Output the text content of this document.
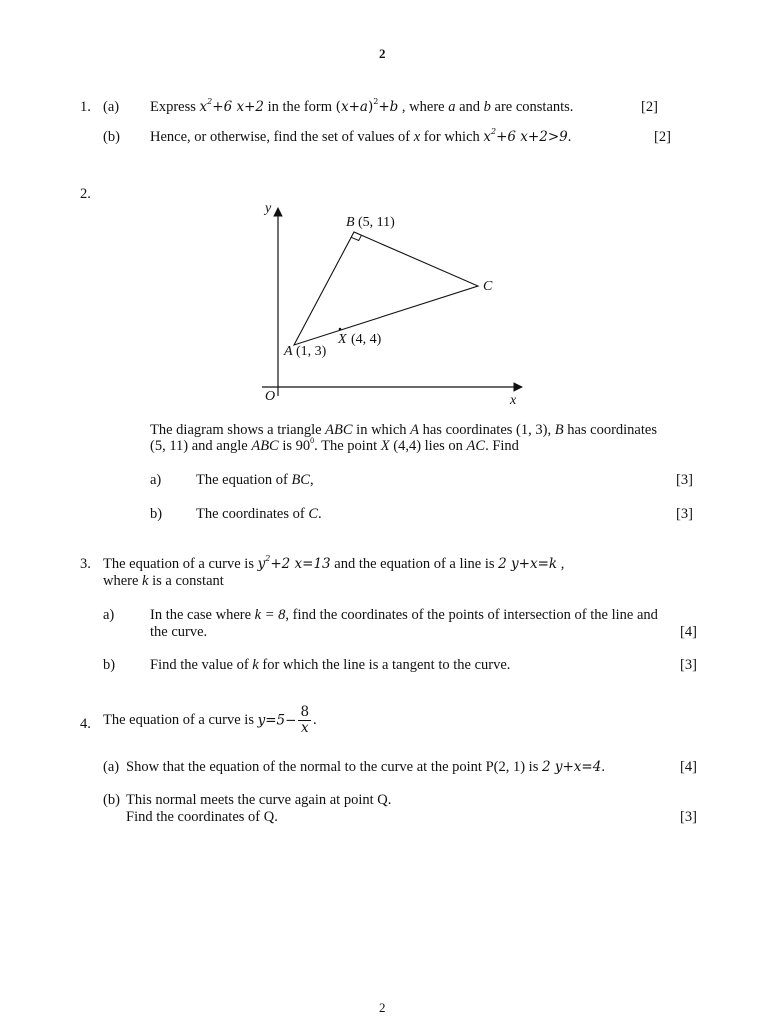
2
1. (a) Express $x^2+6$ x+2 in the form $(x+a)^2+b$ , where a and b are constants.	[2]
(b) Hence, or otherwise, find the set of values of x for which $x^2+6$ x+2>9.	[2]
2.
y
x
O
B (5, 11)
C
A (1, 3)
X (4, 4)
The diagram shows a triangle ABC in which A has coordinates (1, 3), B has coordinates
(5, 11) and angle ABC is $90^0$. The point X (4,4) lies on AC. Find
a) The equation of BC,	[3]
b) The coordinates of C.	[3]
3. The equation of a curve is $y^2+2$ x=13 and the equation of a line is 2 y+x=k ,
where k is a constant
a) In the case where k = 8, find the coordinates of the points of intersection of the line and
the curve.	[4]
b) Find the value of k for which the line is a tangent to the curve.	[3]
4. The equation of a curve is $y=5- \frac{8}{x}$ .
(a) Show that the equation of the normal to the curve at the point P(2, 1) is 2 y+x=4.	[4]
(b) This normal meets the curve again at point Q.
Find the coordinates of Q.	[3]
2
